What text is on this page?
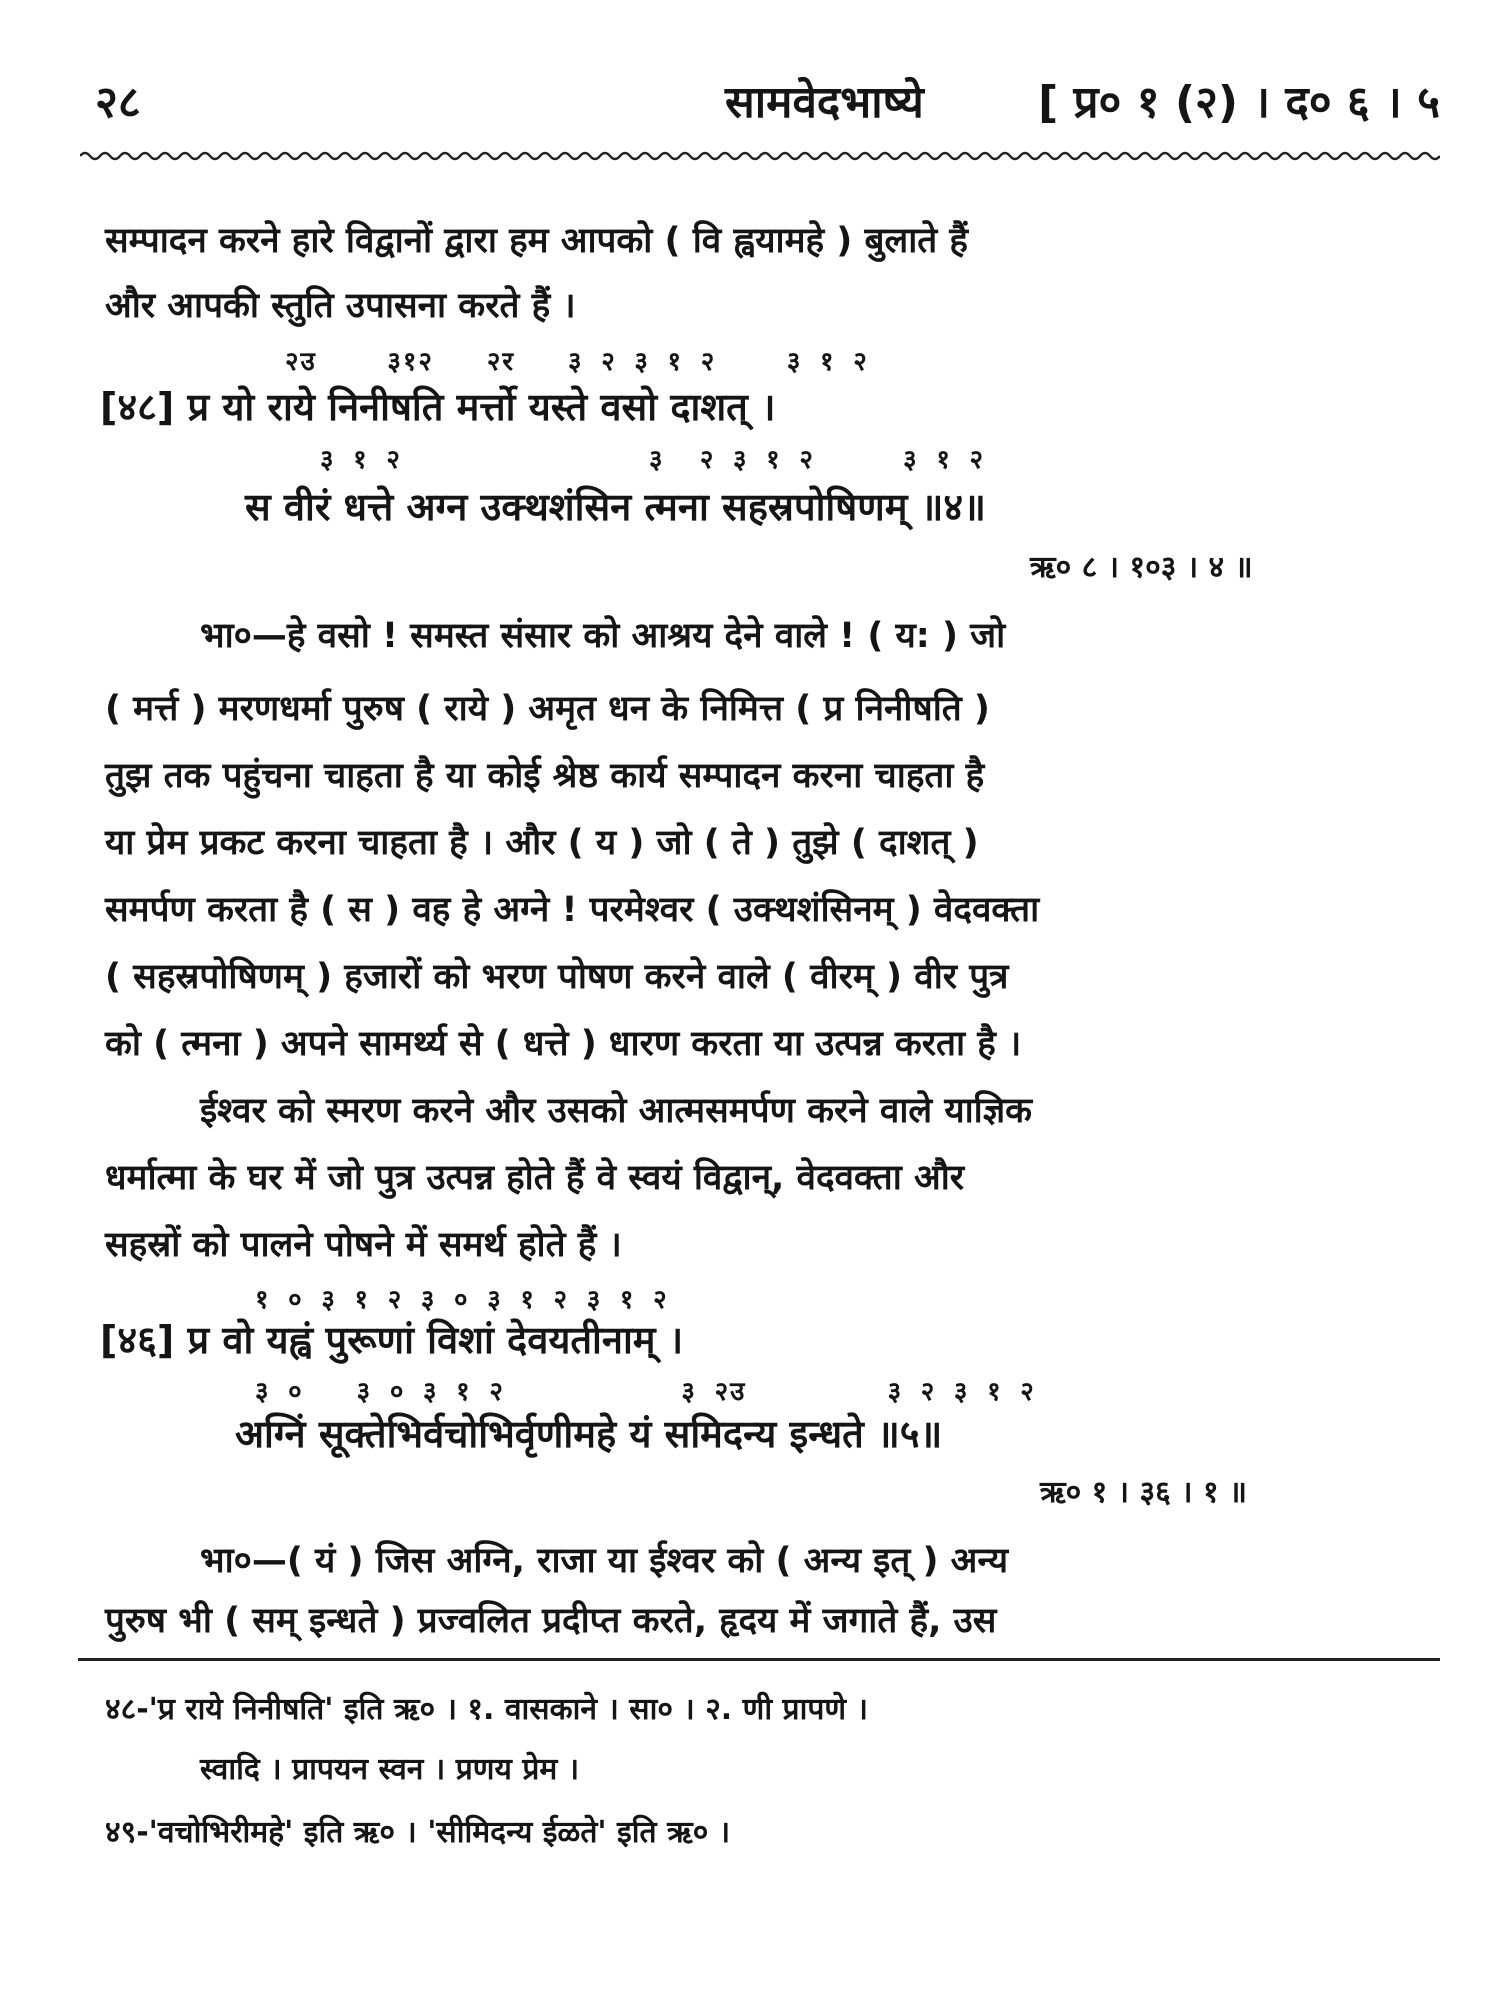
२८	सामवेदभाष्ये	[ प्र० १ (२) । द० ६ । ५
सम्पादन करने हारे विद्वानों द्वारा हम आपको ( वि ह्वयामहे ) बुलाते हैं
और आपकी स्तुति उपासना करते हैं ।
२उ    ३१२   २र   ३ २ ३ १ २    ३ १ २
[४८] प्र यो राये निनीषति मर्त्तो यस्ते वसो दाशत् ।
३ १ २              ३  २ ३ १ २     ३ १ २
स वीरं धत्ते अग्न उक्थशंसिन त्मना सहस्रपोषिणम् ॥४॥
ऋ० ८ । १०३ । ४ ॥
भा०—हे वसो ! समस्त संसार को आश्रय देने वाले ! ( य: ) जो
( मर्त्त ) मरणधर्मा पुरुष ( राये ) अमृत धन के निमित्त ( प्र निनीषति )
तुझ तक पहुंचना चाहता है या कोई श्रेष्ठ कार्य सम्पादन करना चाहता है
या प्रेम प्रकट करना चाहता है । और ( य ) जो ( ते ) तुझे ( दाशत् )
समर्पण करता है ( स ) वह हे अग्ने ! परमेश्वर ( उक्थशंसिनम् ) वेदवक्ता
( सहस्रपोषिणम् ) हजारों को भरण पोषण करने वाले ( वीरम् ) वीर पुत्र
को ( त्मना ) अपने सामर्थ्य से ( धत्ते ) धारण करता या उत्पन्न करता है ।
ईश्वर को स्मरण करने और उसको आत्मसमर्पण करने वाले याज्ञिक
धर्मात्मा के घर में जो पुत्र उत्पन्न होते हैं वे स्वयं विद्वान्, वेदवक्ता और
सहस्रों को पालने पोषने में समर्थ होते हैं ।
१ ० ३ १ २ ३ ० ३ १ २ ३ १ २
[४६] प्र वो यह्वं पुरूणां विशां देवयतीनाम् ।
३ ०   ३ ० ३ १ २          ३ २उ        ३ २ ३ १ २
अग्निं सूक्तेभिर्वचोभिर्वृणीमहे यं समिदन्य इन्धते ॥५॥
ऋ० १ । ३६ । १ ॥
भा०—( यं ) जिस अग्नि, राजा या ईश्वर को ( अन्य इत् ) अन्य
पुरुष भी ( सम् इन्धते ) प्रज्वलित प्रदीप्त करते, हृदय में जगाते हैं, उस
४८-'प्र राये निनीषति' इति ऋ० । १. वासकाने । सा० । २. णी प्रापणे ।
स्वादि । प्रापयन स्वन । प्रणय प्रेम ।
४९-'वचोभिरीमहे' इति ऋ० । 'सीमिदन्य ईळते' इति ऋ० ।
